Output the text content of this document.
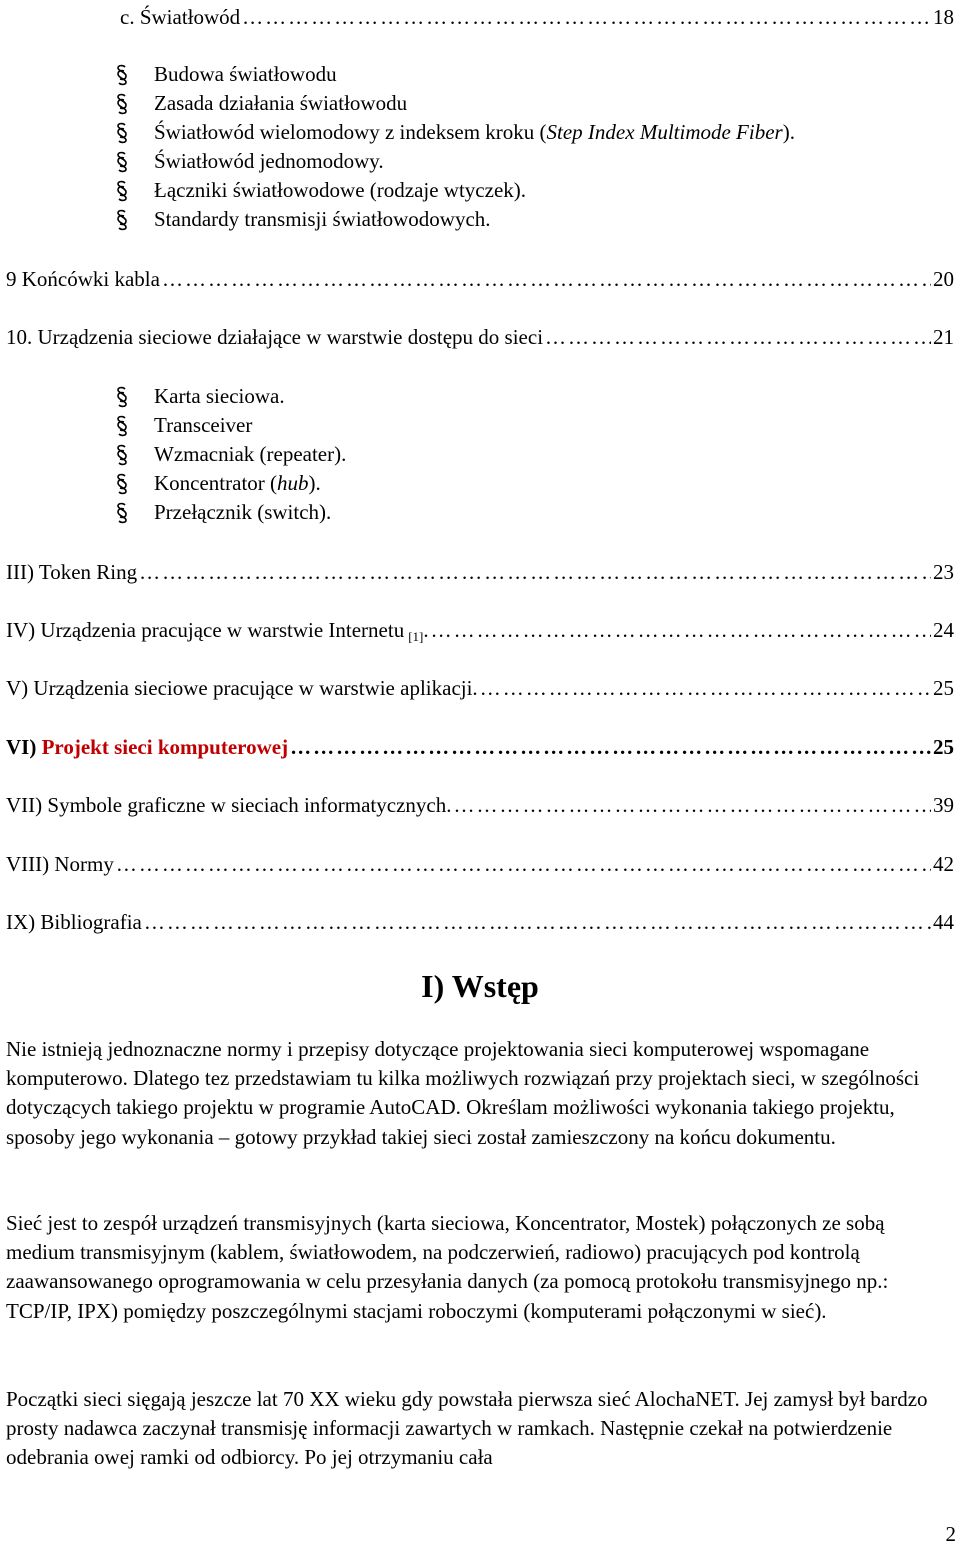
c. Światłowód ………………………………………………………………………………………………………………………………………………	18
Budowa światłowodu
Zasada działania światłowodu
Światłowód wielomodowy z indeksem kroku (Step Index Multimode Fiber).
Światłowód jednomodowy.
Łączniki światłowodowe (rodzaje wtyczek).
Standardy transmisji światłowodowych.
9 Końcówki kabla ………………………………………………………………………………………………………………………………………………	20
10. Urządzenia sieciowe działające w warstwie dostępu do sieci ………………………………………………………………………………………………………………………………………………	21
Karta sieciowa.
Transceiver
Wzmacniak (repeater).
Koncentrator (hub).
Przełącznik (switch).
III) Token Ring ………………………………………………………………………………………………………………………………………………	23
IV) Urządzenia pracujące w warstwie Internetu $_{[1]}$. ………………………………………………………………………………………………………………………………………………	24
V) Urządzenia sieciowe pracujące w warstwie aplikacji. ………………………………………………………………………………………………………………………………………………	25
VI) Projekt sieci komputerowej ………………………………………………………………………………………………………………………………………………	25
VII) Symbole graficzne w sieciach informatycznych. ………………………………………………………………………………………………………………………………………………	39
VIII) Normy ………………………………………………………………………………………………………………………………………………	42
IX) Bibliografia ………………………………………………………………………………………………………………………………………………	44
I) Wstęp

Nie istnieją jednoznaczne normy i przepisy dotyczące projektowania sieci komputerowej wspomagane komputerowo. Dlatego tez przedstawiam tu kilka możliwych rozwiązań przy projektach sieci, w szególności dotyczących takiego projektu w programie AutoCAD. Określam możliwości wykonania takiego projektu, sposoby jego wykonania – gotowy przykład takiej sieci został zamieszczony na końcu dokumentu.

Sieć jest to zespół urządzeń transmisyjnych (karta sieciowa, Koncentrator, Mostek) połączonych ze sobą medium transmisyjnym (kablem, światłowodem, na podczerwień, radiowo) pracujących pod kontrolą zaawansowanego oprogramowania w celu przesyłania danych (za pomocą protokołu transmisyjnego np.: TCP/IP, IPX) pomiędzy poszczególnymi stacjami roboczymi (komputerami połączonymi w sieć).

Początki sieci sięgają jeszcze lat 70 XX wieku gdy powstała pierwsza sieć AlochaNET. Jej zamysł był bardzo prosty nadawca zaczynał transmisję informacji zawartych w ramkach. Następnie czekał na potwierdzenie odebrania owej ramki od odbiorcy. Po jej otrzymaniu cała

2
